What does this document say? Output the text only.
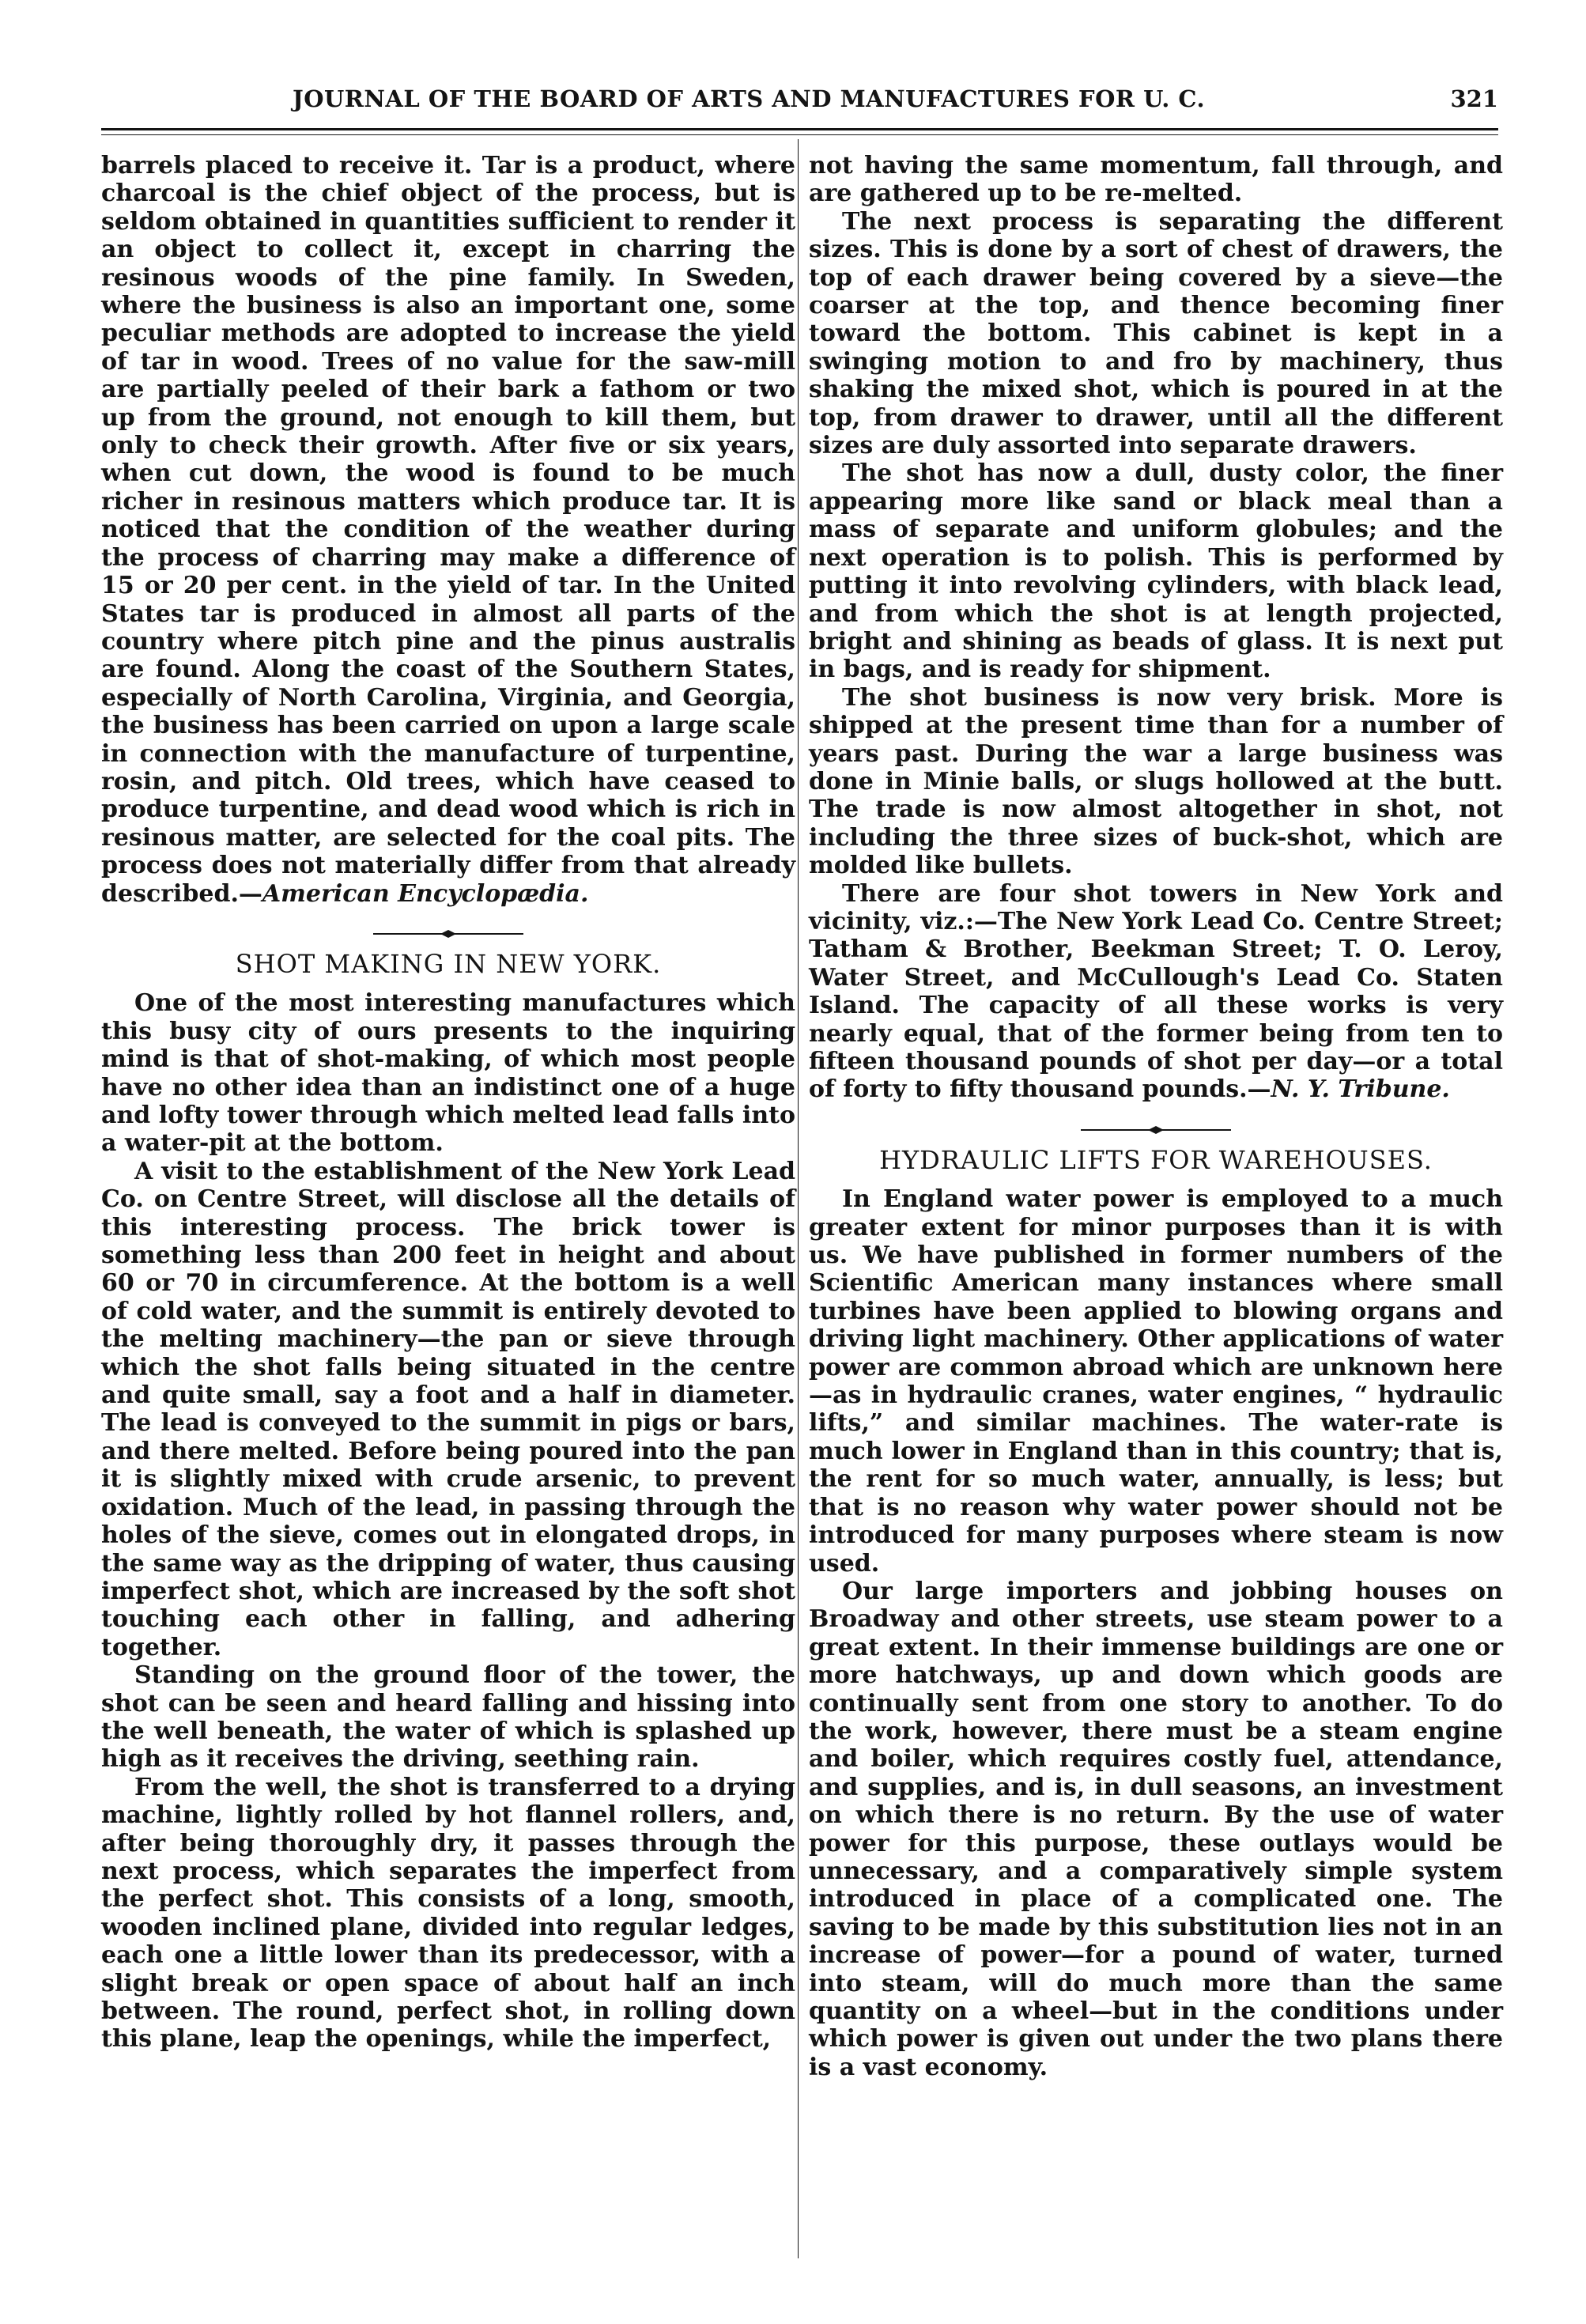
JOURNAL OF THE BOARD OF ARTS AND MANUFACTURES FOR U. C.	321

barrels placed to receive it. Tar is a product, where charcoal is the chief object of the process, but is seldom obtained in quantities sufficient to render it an object to collect it, except in charring the resinous woods of the pine family. In Sweden, where the business is also an important one, some peculiar methods are adopted to increase the yield of tar in wood. Trees of no value for the saw-mill are partially peeled of their bark a fathom or two up from the ground, not enough to kill them, but only to check their growth. After five or six years, when cut down, the wood is found to be much richer in resinous matters which produce tar. It is noticed that the condition of the weather during the process of charring may make a difference of 15 or 20 per cent. in the yield of tar. In the United States tar is produced in almost all parts of the country where pitch pine and the pinus australis are found. Along the coast of the Southern States, especially of North Carolina, Virginia, and Georgia, the business has been carried on upon a large scale in connection with the manufacture of turpentine, rosin, and pitch. Old trees, which have ceased to produce turpentine, and dead wood which is rich in resinous matter, are selected for the coal pits. The process does not materially differ from that already described.—American Encyclopædia.

SHOT MAKING IN NEW YORK.

One of the most interesting manufactures which this busy city of ours presents to the inquiring mind is that of shot-making, of which most people have no other idea than an indistinct one of a huge and lofty tower through which melted lead falls into a water-pit at the bottom.

A visit to the establishment of the New York Lead Co. on Centre Street, will disclose all the details of this interesting process. The brick tower is something less than 200 feet in height and about 60 or 70 in circumference. At the bottom is a well of cold water, and the summit is entirely devoted to the melting machinery—the pan or sieve through which the shot falls being situated in the centre and quite small, say a foot and a half in diameter. The lead is conveyed to the summit in pigs or bars, and there melted. Before being poured into the pan it is slightly mixed with crude arsenic, to prevent oxidation. Much of the lead, in passing through the holes of the sieve, comes out in elongated drops, in the same way as the dripping of water, thus causing imperfect shot, which are increased by the soft shot touching each other in falling, and adhering together.

Standing on the ground floor of the tower, the shot can be seen and heard falling and hissing into the well beneath, the water of which is splashed up high as it receives the driving, seething rain.

From the well, the shot is transferred to a drying machine, lightly rolled by hot flannel rollers, and, after being thoroughly dry, it passes through the next process, which separates the imperfect from the perfect shot. This consists of a long, smooth, wooden inclined plane, divided into regular ledges, each one a little lower than its predecessor, with a slight break or open space of about half an inch between. The round, perfect shot, in rolling down this plane, leap the openings, while the imperfect,

not having the same momentum, fall through, and are gathered up to be re-melted.

The next process is separating the different sizes. This is done by a sort of chest of drawers, the top of each drawer being covered by a sieve—the coarser at the top, and thence becoming finer toward the bottom. This cabinet is kept in a swinging motion to and fro by machinery, thus shaking the mixed shot, which is poured in at the top, from drawer to drawer, until all the different sizes are duly assorted into separate drawers.

The shot has now a dull, dusty color, the finer appearing more like sand or black meal than a mass of separate and uniform globules; and the next operation is to polish. This is performed by putting it into revolving cylinders, with black lead, and from which the shot is at length projected, bright and shining as beads of glass. It is next put in bags, and is ready for shipment.

The shot business is now very brisk. More is shipped at the present time than for a number of years past. During the war a large business was done in Minie balls, or slugs hollowed at the butt. The trade is now almost altogether in shot, not including the three sizes of buck-shot, which are molded like bullets.

There are four shot towers in New York and vicinity, viz.:—The New York Lead Co. Centre Street; Tatham & Brother, Beekman Street; T. O. Leroy, Water Street, and McCullough's Lead Co. Staten Island. The capacity of all these works is very nearly equal, that of the former being from ten to fifteen thousand pounds of shot per day—or a total of forty to fifty thousand pounds.—N. Y. Tribune.

HYDRAULIC LIFTS FOR WAREHOUSES.

In England water power is employed to a much greater extent for minor purposes than it is with us. We have published in former numbers of the Scientific American many instances where small turbines have been applied to blowing organs and driving light machinery. Other applications of water power are common abroad which are unknown here—as in hydraulic cranes, water engines, “ hydraulic lifts,” and similar machines. The water-rate is much lower in England than in this country; that is, the rent for so much water, annually, is less; but that is no reason why water power should not be introduced for many purposes where steam is now used.

Our large importers and jobbing houses on Broadway and other streets, use steam power to a great extent. In their immense buildings are one or more hatchways, up and down which goods are continually sent from one story to another. To do the work, however, there must be a steam engine and boiler, which requires costly fuel, attendance, and supplies, and is, in dull seasons, an investment on which there is no return. By the use of water power for this purpose, these outlays would be unnecessary, and a comparatively simple system introduced in place of a complicated one. The saving to be made by this substitution lies not in an increase of power—for a pound of water, turned into steam, will do much more than the same quantity on a wheel—but in the conditions under which power is given out under the two plans there is a vast economy.
